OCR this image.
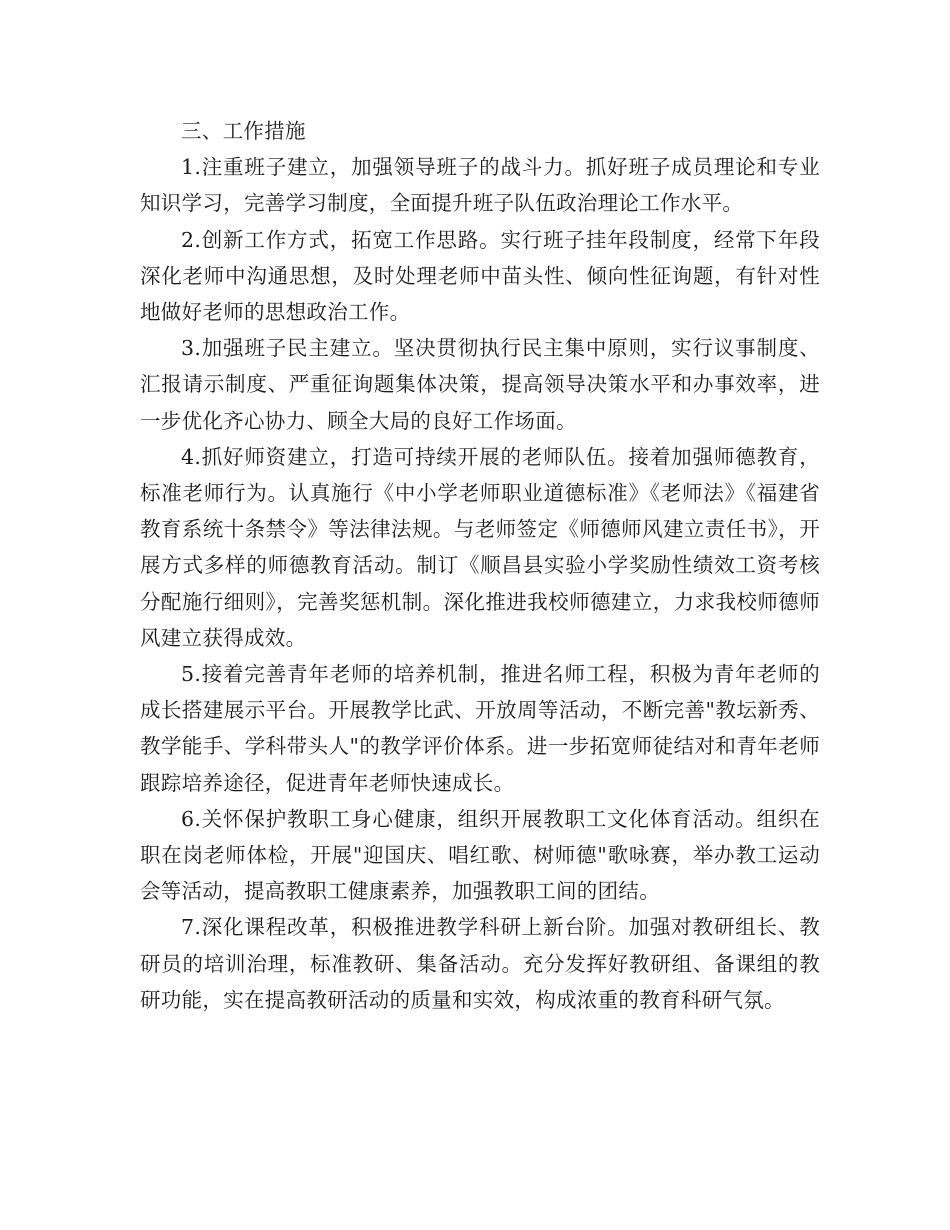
三、工作措施

1.注重班子建立，加强领导班子的战斗力。抓好班子成员理论和专业知识学习，完善学习制度，全面提升班子队伍政治理论工作水平。

2.创新工作方式，拓宽工作思路。实行班子挂年段制度，经常下年段深化老师中沟通思想，及时处理老师中苗头性、倾向性征询题，有针对性地做好老师的思想政治工作。

3.加强班子民主建立。坚决贯彻执行民主集中原则，实行议事制度、汇报请示制度、严重征询题集体决策，提高领导决策水平和办事效率，进一步优化齐心协力、顾全大局的良好工作场面。

4.抓好师资建立，打造可持续开展的老师队伍。接着加强师德教育，标准老师行为。认真施行《中小学老师职业道德标准》《老师法》《福建省教育系统十条禁令》等法律法规。与老师签定《师德师风建立责任书》，开展方式多样的师德教育活动。制订《顺昌县实验小学奖励性绩效工资考核分配施行细则》，完善奖惩机制。深化推进我校师德建立，力求我校师德师风建立获得成效。

5.接着完善青年老师的培养机制，推进名师工程，积极为青年老师的成长搭建展示平台。开展教学比武、开放周等活动，不断完善"教坛新秀、教学能手、学科带头人"的教学评价体系。进一步拓宽师徒结对和青年老师跟踪培养途径，促进青年老师快速成长。

6.关怀保护教职工身心健康，组织开展教职工文化体育活动。组织在职在岗老师体检，开展"迎国庆、唱红歌、树师德"歌咏赛，举办教工运动会等活动，提高教职工健康素养，加强教职工间的团结。

7.深化课程改革，积极推进教学科研上新台阶。加强对教研组长、教研员的培训治理，标准教研、集备活动。充分发挥好教研组、备课组的教研功能，实在提高教研活动的质量和实效，构成浓重的教育科研气氛。
